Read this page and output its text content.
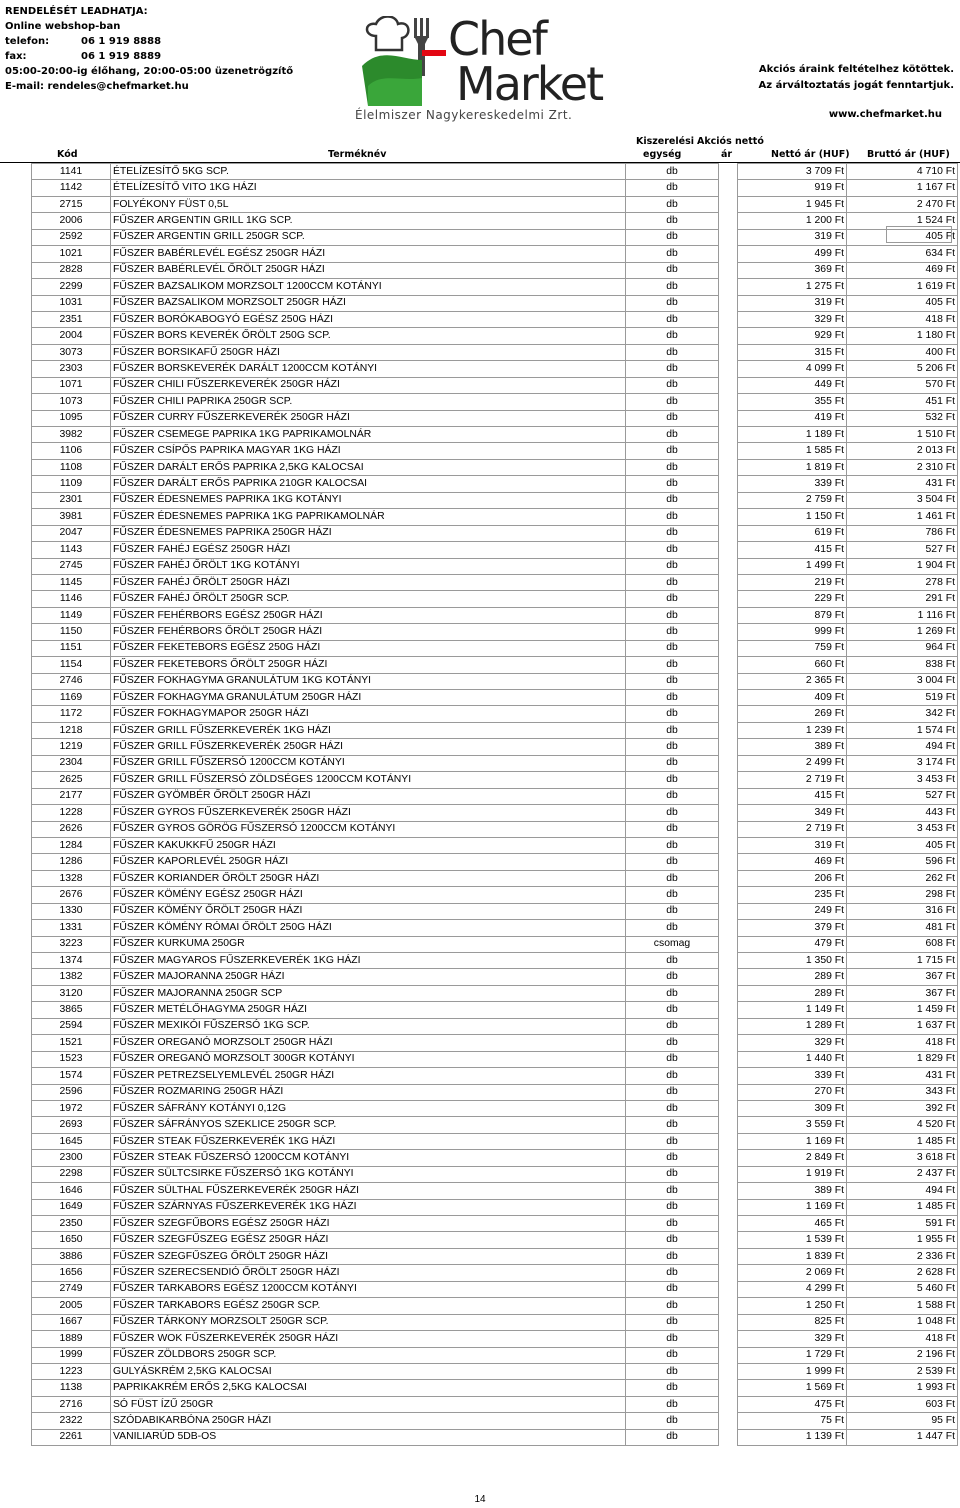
RENDELÉSÉT LEADHATJA:
Online webshop-ban
telefon:	06 1 919 8888
fax:	06 1 919 8889
05:00-20:00-ig élőhang, 20:00-05:00 üzenetrögzítő
E-mail: rendeles@chefmarket.hu
Chef
Market
Élelmiszer Nagykereskedelmi Zrt.
Akciós áraink feltételhez kötöttek.
Az árváltoztatás jogát fenntartjuk.
www.chefmarket.hu
Kód	Terméknév
Kiszerelési
egység
Akciós nettó
ár	Nettó ár (HUF) Bruttó ár (HUF)
1141	ÉTELÍZESÍTŐ 5KG SCP.	db	3 709 Ft	4 710 Ft
1142	ÉTELÍZESÍTŐ VITO 1KG HÁZI	db	919 Ft	1 167 Ft
2715	FOLYÉKONY FÜST 0,5L	db	1 945 Ft	2 470 Ft
2006	FŰSZER ARGENTIN GRILL 1KG SCP.	db	1 200 Ft	1 524 Ft
2592	FŰSZER ARGENTIN GRILL 250GR SCP.	db	319 Ft	405 Ft
1021	FŰSZER BABÉRLEVÉL EGÉSZ 250GR HÁZI	db	499 Ft	634 Ft
2828	FŰSZER BABÉRLEVÉL ŐRÖLT 250GR HÁZI	db	369 Ft	469 Ft
2299	FŰSZER BAZSALIKOM MORZSOLT 1200CCM KOTÁNYI	db	1 275 Ft	1 619 Ft
1031	FŰSZER BAZSALIKOM MORZSOLT 250GR HÁZI	db	319 Ft	405 Ft
2351	FŰSZER BORÓKABOGYÓ EGÉSZ 250G HÁZI	db	329 Ft	418 Ft
2004	FŰSZER BORS KEVERÉK ŐRÖLT 250G SCP.	db	929 Ft	1 180 Ft
3073	FŰSZER BORSIKAFŰ 250GR HÁZI	db	315 Ft	400 Ft
2303	FŰSZER BORSKEVERÉK DARÁLT 1200CCM KOTÁNYI	db	4 099 Ft	5 206 Ft
1071	FŰSZER CHILI FŰSZERKEVERÉK 250GR HÁZI	db	449 Ft	570 Ft
1073	FŰSZER CHILI PAPRIKA 250GR SCP.	db	355 Ft	451 Ft
1095	FŰSZER CURRY FŰSZERKEVERÉK 250GR HÁZI	db	419 Ft	532 Ft
3982	FŰSZER CSEMEGE PAPRIKA 1KG PAPRIKAMOLNÁR	db	1 189 Ft	1 510 Ft
1106	FŰSZER CSÍPŐS PAPRIKA MAGYAR 1KG HÁZI	db	1 585 Ft	2 013 Ft
1108	FŰSZER DARÁLT ERŐS PAPRIKA 2,5KG KALOCSAI	db	1 819 Ft	2 310 Ft
1109	FŰSZER DARÁLT ERŐS PAPRIKA 210GR KALOCSAI	db	339 Ft	431 Ft
2301	FŰSZER ÉDESNEMES PAPRIKA 1KG KOTÁNYI	db	2 759 Ft	3 504 Ft
3981	FŰSZER ÉDESNEMES PAPRIKA 1KG PAPRIKAMOLNÁR	db	1 150 Ft	1 461 Ft
2047	FŰSZER ÉDESNEMES PAPRIKA 250GR HÁZI	db	619 Ft	786 Ft
1143	FŰSZER FAHÉJ EGÉSZ 250GR HÁZI	db	415 Ft	527 Ft
2745	FŰSZER FAHÉJ ŐRÖLT 1KG KOTÁNYI	db	1 499 Ft	1 904 Ft
1145	FŰSZER FAHÉJ ŐRÖLT 250GR HÁZI	db	219 Ft	278 Ft
1146	FŰSZER FAHÉJ ŐRÖLT 250GR SCP.	db	229 Ft	291 Ft
1149	FŰSZER FEHÉRBORS EGÉSZ 250GR HÁZI	db	879 Ft	1 116 Ft
1150	FŰSZER FEHÉRBORS ŐRÖLT 250GR HÁZI	db	999 Ft	1 269 Ft
1151	FŰSZER FEKETEBORS EGÉSZ 250G HÁZI	db	759 Ft	964 Ft
1154	FŰSZER FEKETEBORS ŐRÖLT 250GR HÁZI	db	660 Ft	838 Ft
2746	FŰSZER FOKHAGYMA GRANULÁTUM 1KG KOTÁNYI	db	2 365 Ft	3 004 Ft
1169	FŰSZER FOKHAGYMA GRANULÁTUM 250GR HÁZI	db	409 Ft	519 Ft
1172	FŰSZER FOKHAGYMAPOR 250GR HÁZI	db	269 Ft	342 Ft
1218	FŰSZER GRILL FŰSZERKEVERÉK 1KG HÁZI	db	1 239 Ft	1 574 Ft
1219	FŰSZER GRILL FŰSZERKEVERÉK 250GR HÁZI	db	389 Ft	494 Ft
2304	FŰSZER GRILL FŰSZERSÓ 1200CCM KOTÁNYI	db	2 499 Ft	3 174 Ft
2625	FŰSZER GRILL FŰSZERSÓ ZÖLDSÉGES 1200CCM KOTÁNYI	db	2 719 Ft	3 453 Ft
2177	FŰSZER GYÖMBÉR ŐRÖLT 250GR HÁZI	db	415 Ft	527 Ft
1228	FŰSZER GYROS FŰSZERKEVERÉK 250GR HÁZI	db	349 Ft	443 Ft
2626	FŰSZER GYROS GÖRÖG FŰSZERSÓ 1200CCM KOTÁNYI	db	2 719 Ft	3 453 Ft
1284	FŰSZER KAKUKKFŰ 250GR HÁZI	db	319 Ft	405 Ft
1286	FŰSZER KAPORLEVÉL 250GR HÁZI	db	469 Ft	596 Ft
1328	FŰSZER KORIANDER ŐRÖLT 250GR HÁZI	db	206 Ft	262 Ft
2676	FŰSZER KÖMÉNY EGÉSZ 250GR HÁZI	db	235 Ft	298 Ft
1330	FŰSZER KÖMÉNY ŐRÖLT 250GR HÁZI	db	249 Ft	316 Ft
1331	FŰSZER KÖMÉNY RÓMAI ŐRÖLT 250G HÁZI	db	379 Ft	481 Ft
3223	FŰSZER KURKUMA 250GR	csomag	479 Ft	608 Ft
1374	FŰSZER MAGYAROS FŰSZERKEVERÉK 1KG HÁZI	db	1 350 Ft	1 715 Ft
1382	FŰSZER MAJORANNA 250GR HÁZI	db	289 Ft	367 Ft
3120	FŰSZER MAJORANNA 250GR SCP	db	289 Ft	367 Ft
3865	FŰSZER METÉLŐHAGYMA 250GR HÁZI	db	1 149 Ft	1 459 Ft
2594	FŰSZER MEXIKÓI FŰSZERSÓ 1KG SCP.	db	1 289 Ft	1 637 Ft
1521	FŰSZER OREGANÓ MORZSOLT 250GR HÁZI	db	329 Ft	418 Ft
1523	FŰSZER OREGANÓ MORZSOLT 300GR KOTÁNYI	db	1 440 Ft	1 829 Ft
1574	FŰSZER PETREZSELYEMLEVÉL 250GR HÁZI	db	339 Ft	431 Ft
2596	FŰSZER ROZMARING 250GR HÁZI	db	270 Ft	343 Ft
1972	FŰSZER SÁFRÁNY KOTÁNYI 0,12G	db	309 Ft	392 Ft
2693	FŰSZER SÁFRÁNYOS SZEKLICE 250GR SCP.	db	3 559 Ft	4 520 Ft
1645	FŰSZER STEAK FŰSZERKEVERÉK 1KG HÁZI	db	1 169 Ft	1 485 Ft
2300	FŰSZER STEAK FŰSZERSÓ 1200CCM KOTÁNYI	db	2 849 Ft	3 618 Ft
2298	FŰSZER SÜLTCSIRKE FŰSZERSÓ 1KG KOTÁNYI	db	1 919 Ft	2 437 Ft
1646	FŰSZER SÜLTHAL FŰSZERKEVERÉK 250GR HÁZI	db	389 Ft	494 Ft
1649	FŰSZER SZÁRNYAS FŰSZERKEVERÉK 1KG HÁZI	db	1 169 Ft	1 485 Ft
2350	FŰSZER SZEGFŰBORS EGÉSZ 250GR HÁZI	db	465 Ft	591 Ft
1650	FŰSZER SZEGFŰSZEG EGÉSZ 250GR HÁZI	db	1 539 Ft	1 955 Ft
3886	FŰSZER SZEGFŰSZEG ŐRÖLT 250GR HÁZI	db	1 839 Ft	2 336 Ft
1656	FŰSZER SZERECSENDIÓ ŐRÖLT 250GR HÁZI	db	2 069 Ft	2 628 Ft
2749	FŰSZER TARKABORS EGÉSZ 1200CCM KOTÁNYI	db	4 299 Ft	5 460 Ft
2005	FŰSZER TARKABORS EGÉSZ 250GR SCP.	db	1 250 Ft	1 588 Ft
1667	FŰSZER TÁRKONY MORZSOLT 250GR SCP.	db	825 Ft	1 048 Ft
1889	FŰSZER WOK FŰSZERKEVERÉK 250GR HÁZI	db	329 Ft	418 Ft
1999	FŰSZER ZÖLDBORS 250GR SCP.	db	1 729 Ft	2 196 Ft
1223	GULYÁSKRÉM 2,5KG KALOCSAI	db	1 999 Ft	2 539 Ft
1138	PAPRIKAKRÉM ERŐS 2,5KG KALOCSAI	db	1 569 Ft	1 993 Ft
2716	SÓ FÜST ÍZŰ 250GR	db	475 Ft	603 Ft
2322	SZÓDABIKARBÓNA 250GR HÁZI	db	75 Ft	95 Ft
2261	VANILIARÚD 5DB-OS	db	1 139 Ft	1 447 Ft
14
